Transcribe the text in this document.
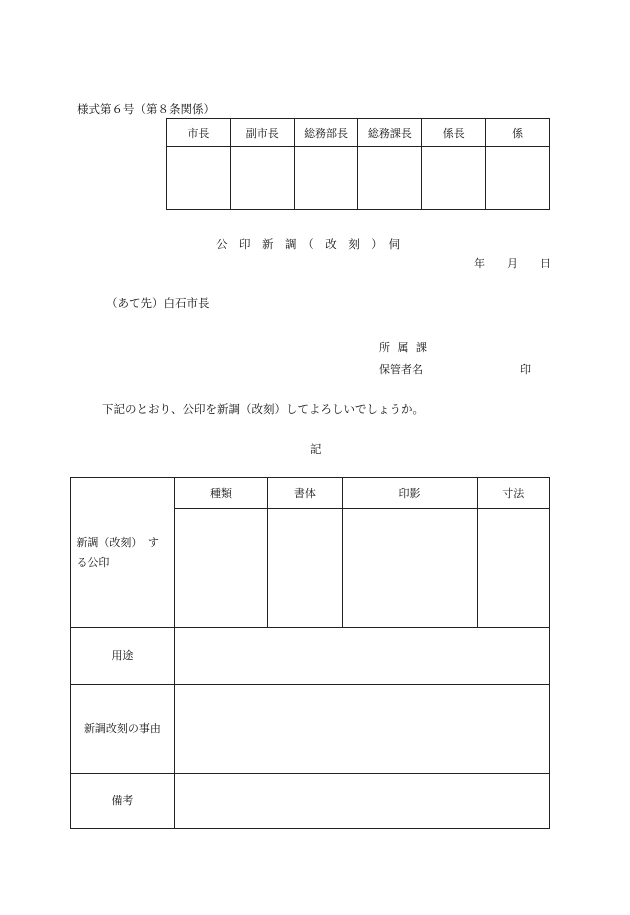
様式第６号（第８条関係）
市長	副市長	総務部長	総務課長	係長	係

公　印　新　調　（　改　刻　）　伺
年　　月　　日
（あて先）白石市長
所 属 課
保管者名	印
下記のとおり、公印を新調（改刻）してよろしいでしょうか。
記
新調（改刻）　する公印	種類	書体	印影	寸法

用途				
新調改刻の事由				
備考				
